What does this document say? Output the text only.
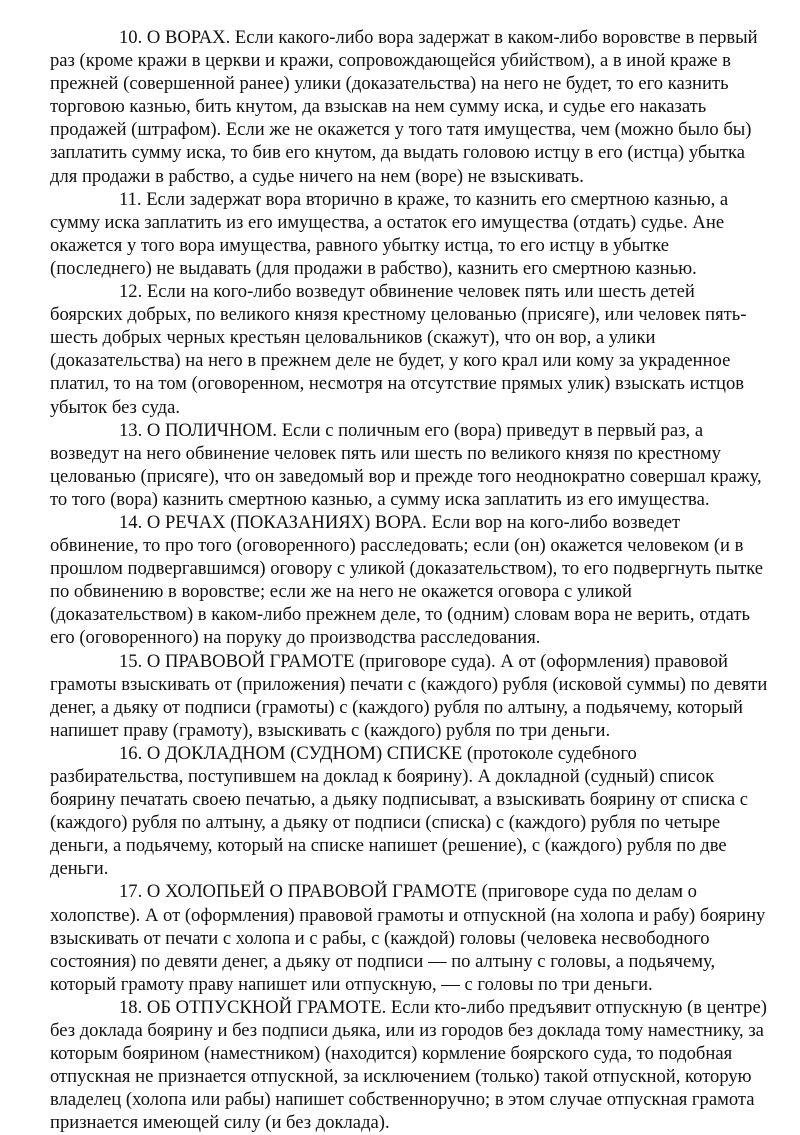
10. О ВОРАХ. Если какого-либо вора задержат в каком-либо воровстве в первый раз (кроме кражи в церкви и кражи, сопровождающейся убийством), а в иной краже в прежней (совершенной ранее) улики (доказательства) на него не будет, то его казнить торговою казнью, бить кнутом, да взыскав на нем сумму иска, и судье его наказать продажей (штрафом). Если же не окажется у того татя имущества, чем (можно было бы) заплатить сумму иска, то бив его кнутом, да выдать головою истцу в его (истца) убытка для продажи в рабство, а судье ничего на нем (воре) не взыскивать.

11. Если задержат вора вторично в краже, то казнить его смертною казнью, а сумму иска заплатить из его имущества, а остаток его имущества (отдать) судье. Ане окажется у того вора имущества, равного убытку истца, то его истцу в убытке (последнего) не выдавать (для продажи в рабство), казнить его смертною казнью.

12. Если на кого-либо возведут обвинение человек пять или шесть детей боярских добрых, по великого князя крестному целованью (присяге), или человек пять-шесть добрых черных крестьян целовальников (скажут), что он вор, а улики (доказательства) на него в прежнем деле не будет, у кого крал или кому за украденное платил, то на том (оговоренном, несмотря на отсутствие прямых улик) взыскать истцов убыток без суда.

13. О ПОЛИЧНОМ. Если с поличным его (вора) приведут в первый раз, а возведут на него обвинение человек пять или шесть по великого князя по крестному целованью (присяге), что он заведомый вор и прежде того неоднократно совершал кражу, то того (вора) казнить смертною казнью, а сумму иска заплатить из его имущества.

14. О РЕЧАХ (ПОКАЗАНИЯХ) ВОРА. Если вор на кого-либо возведет обвинение, то про того (оговоренного) расследовать; если (он) окажется человеком (и в прошлом подвергавшимся) оговору с уликой (доказательством), то его подвергнуть пытке по обвинению в воровстве; если же на него не окажется оговора с уликой (доказательством) в каком-либо прежнем деле, то (одним) словам вора не верить, отдать его (оговоренного) на поруку до производства расследования.

15. О ПРАВОВОЙ ГРАМОТЕ (приговоре суда). А от (оформления) правовой грамоты взыскивать от (приложения) печати с (каждого) рубля (исковой суммы) по девяти денег, а дьяку от подписи (грамоты) с (каждого) рубля по алтыну, а подьячему, который напишет праву (грамоту), взыскивать с (каждого) рубля по три деньги.

16. О ДОКЛАДНОМ (СУДНОМ) СПИСКЕ (протоколе судебного разбирательства, поступившем на доклад к боярину). А докладной (судный) список боярину печатать своею печатью, а дьяку подписыват, а взыскивать боярину от списка с (каждого) рубля по алтыну, а дьяку от подписи (списка) с (каждого) рубля по четыре деньги, а подьячему, который на списке напишет (решение), с (каждого) рубля по две деньги.

17. О ХОЛОПЬЕЙ О ПРАВОВОЙ ГРАМОТЕ (приговоре суда по делам о холопстве). А от (оформления) правовой грамоты и отпускной (на холопа и рабу) боярину взыскивать от печати с холопа и с рабы, с (каждой) головы (человека несвободного состояния) по девяти денег, а дьяку от подписи — по алтыну с головы, а подьячему, который грамоту праву напишет или отпускную, — с головы по три деньги.

18. ОБ ОТПУСКНОЙ ГРАМОТЕ. Если кто-либо предъявит отпускную (в центре) без доклада боярину и без подписи дьяка, или из городов без доклада тому наместнику, за которым боярином (наместником) (находится) кормление боярского суда, то подобная отпускная не признается отпускной, за исключением (только) такой отпускной, которую владелец (холопа или рабы) напишет собственноручно; в этом случае отпускная грамота признается имеющей силу (и без доклада).
